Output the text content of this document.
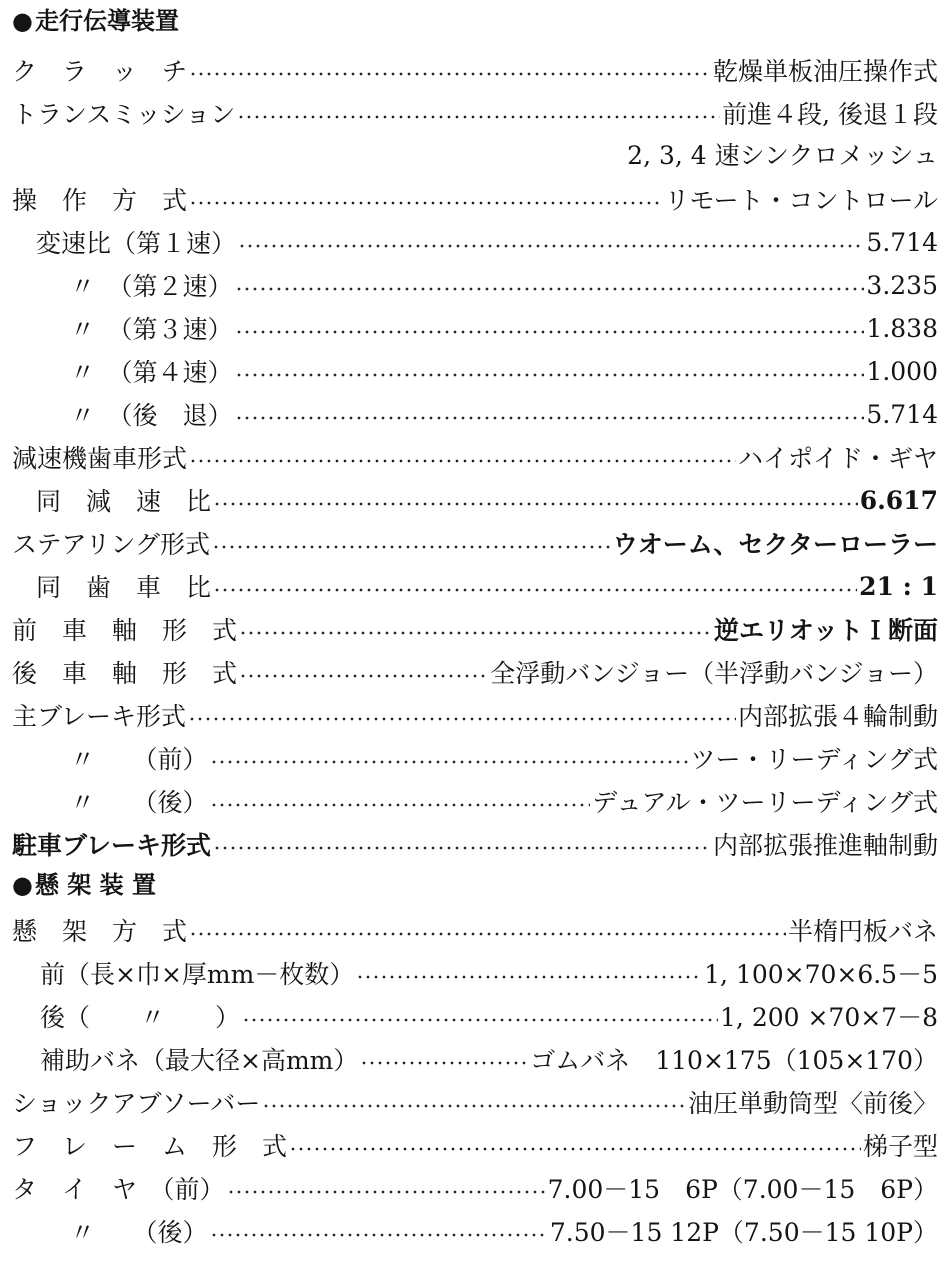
●走行伝導装置
ク　ラ　ッ　チ	乾燥単板油圧操作式
トランスミッション	前進４段, 後退１段
2, 3, 4 速シンクロメッシュ
操　作　方　式	リモート・コントロール
変速比（第１速）	5.714
〃　（第２速）	3.235
〃　（第３速）	1.838
〃　（第４速）	1.000
〃　（後　退）	5.714
減速機歯車形式	ハイポイド・ギヤ
同　減　速　比	6.617
ステアリング形式	ウオーム、セクターローラー
同　歯　車　比	21 : 1
前　車　軸　形　式	逆エリオットＩ断面
後　車　軸　形　式	全浮動バンジョー（半浮動バンジョー）
主ブレーキ形式	内部拡張４輪制動
〃　　（前）	ツー・リーディング式
〃　　（後）	デュアル・ツーリーディング式
駐車ブレーキ形式	内部拡張推進軸制動
●懸 架 装 置
懸　架　方　式	半楕円板バネ
前（長×巾×厚mm－枚数）	1, 100×70×6.5－5
後（　　〃　　）	1, 200 ×70×7－8
補助バネ（最大径×高mm）	ゴムバネ　110×175（105×170）
ショックアブソーバー	油圧単動筒型〈前後〉
フ　レ　ー　ム　形　式	梯子型
タ　イ　ヤ　（前）	7.00－15　6P（7.00－15　6P）
〃　　（後）	7.50－15 12P（7.50－15 10P）
